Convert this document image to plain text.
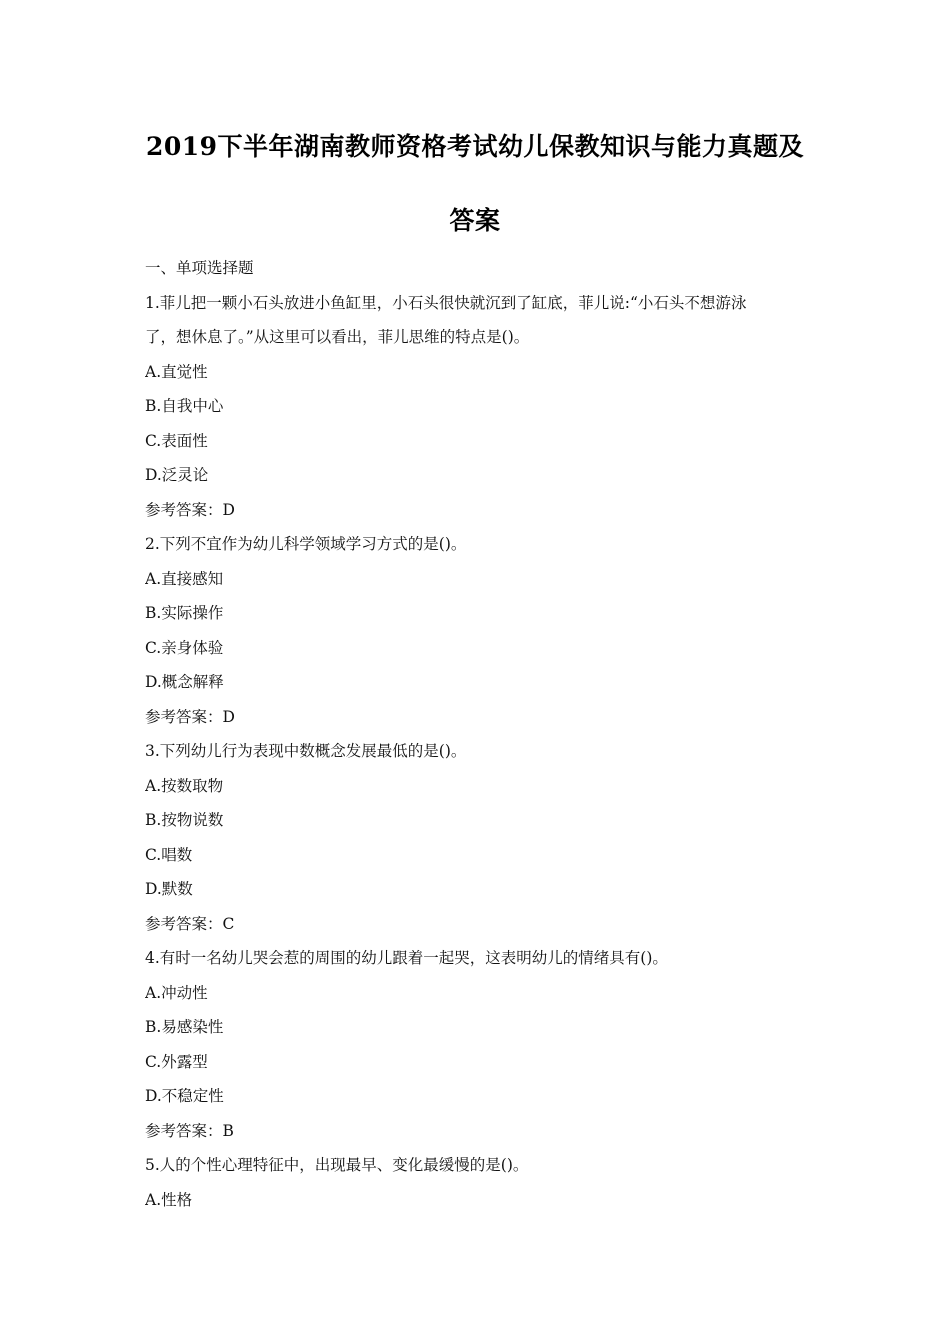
2019下半年湖南教师资格考试幼儿保教知识与能力真题及
答案
一、单项选择题
1.菲儿把一颗小石头放进小鱼缸里，小石头很快就沉到了缸底，菲儿说:“小石头不想游泳
了，想休息了。”从这里可以看出，菲儿思维的特点是()。
A.直觉性
B.自我中心
C.表面性
D.泛灵论
参考答案：D
2.下列不宜作为幼儿科学领域学习方式的是()。
A.直接感知
B.实际操作
C.亲身体验
D.概念解释
参考答案：D
3.下列幼儿行为表现中数概念发展最低的是()。
A.按数取物
B.按物说数
C.唱数
D.默数
参考答案：C
4.有时一名幼儿哭会惹的周围的幼儿跟着一起哭，这表明幼儿的情绪具有()。
A.冲动性
B.易感染性
C.外露型
D.不稳定性
参考答案：B
5.人的个性心理特征中，出现最早、变化最缓慢的是()。
A.性格
